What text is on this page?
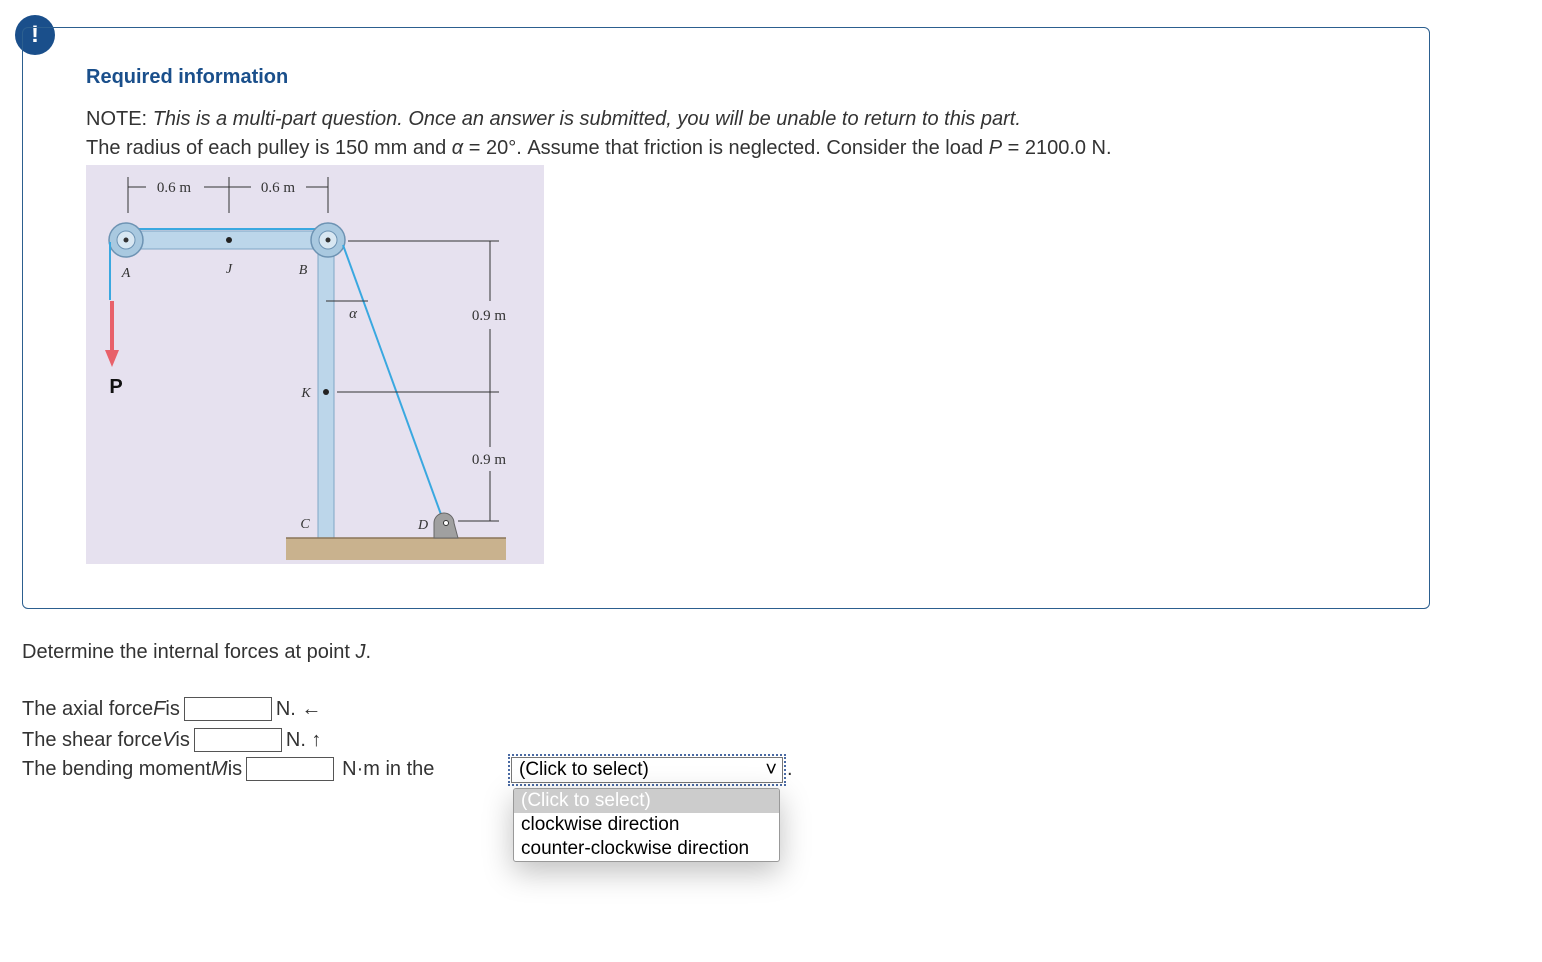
!
Required information
NOTE: This is a multi-part question. Once an answer is submitted, you will be unable to return to this part.
The radius of each pulley is 150 mm and α = 20°. Assume that friction is neglected. Consider the load P = 2100.0 N.
0.6 m	0.6 m
P
α	0.9 m
0.9 m
A	J	B
K
C	D
Determine the internal forces at point J.
The axial force F is	N. ←
The shear force V is	N. ↑
The bending moment M is	N·m in the	(Click to select)	˅ .
(Click to select)
clockwise direction
counter-clockwise direction
